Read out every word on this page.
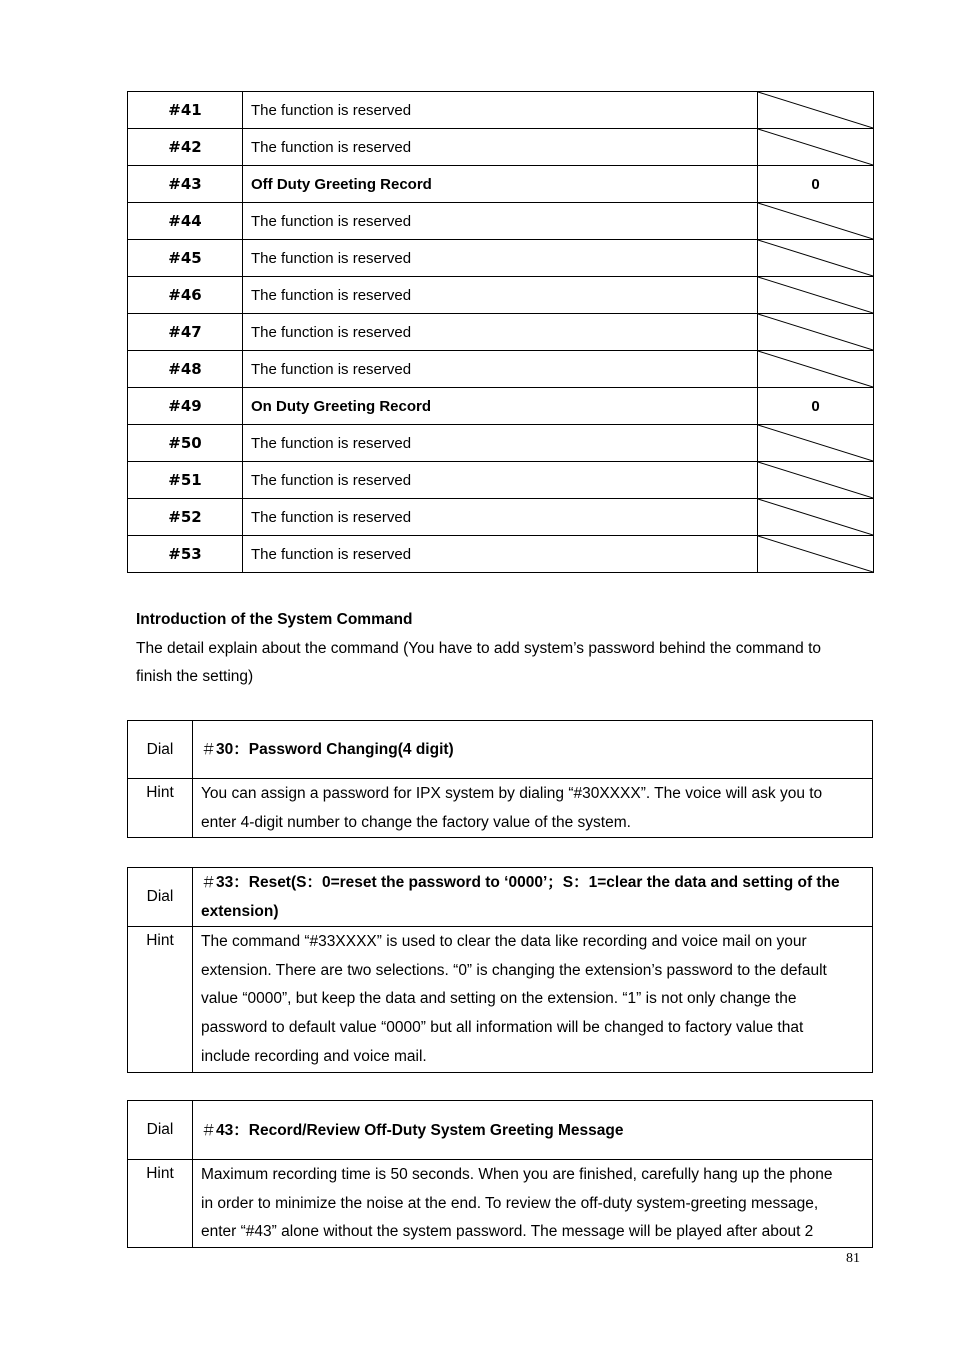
#41	The function is reserved	

#42	The function is reserved	

#43	Off Duty Greeting Record	0
#44	The function is reserved	

#45	The function is reserved	

#46	The function is reserved	

#47	The function is reserved	

#48	The function is reserved	

#49	On Duty Greeting Record	0
#50	The function is reserved	

#51	The function is reserved	

#52	The function is reserved	

#53	The function is reserved	
Introduction of the System Command
The detail explain about the command (You have to add system’s password behind the command to
finish the setting)
Dial	＃30：Password Changing(4 digit)
Hint	You can assign a password for IPX system by dialing “#30XXXX”. The voice will ask you to
enter 4-digit number to change the factory value of the system.
Dial	＃33：Reset(S：0=reset the password to ‘0000’；S：1=clear the data and setting of the
extension)

Hint	The command “#33XXXX” is used to clear the data like recording and voice mail on your
extension. There are two selections. “0” is changing the extension’s password to the default
value “0000”, but keep the data and setting on the extension. “1” is not only change the
password to default value “0000” but all information will be changed to factory value that
include recording and voice mail.
Dial	＃43：Record/Review Off-Duty System Greeting Message
Hint	Maximum recording time is 50 seconds. When you are finished, carefully hang up the phone
in order to minimize the noise at the end. To review the off-duty system-greeting message,
enter “#43” alone without the system password. The message will be played after about 2
81
